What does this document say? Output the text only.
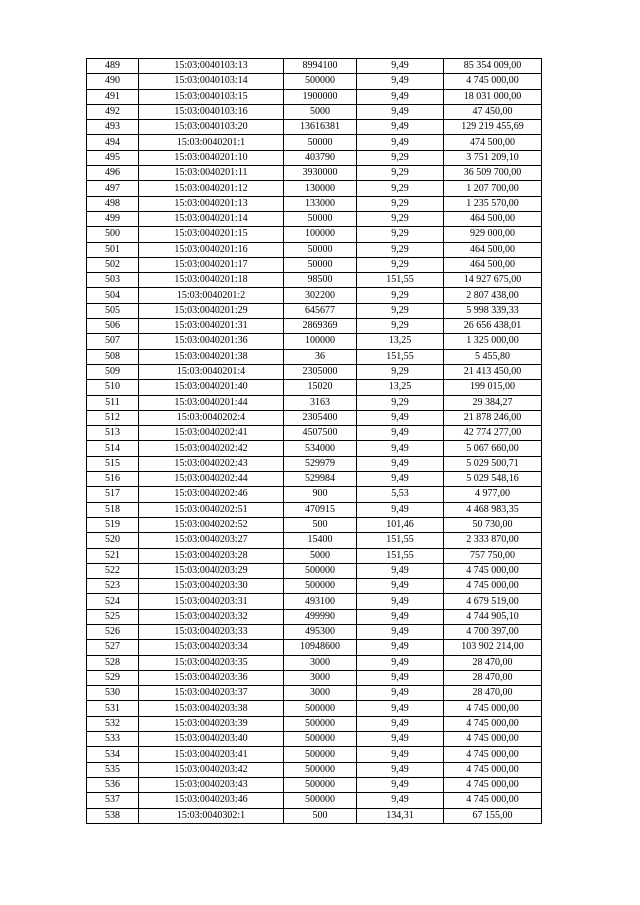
489	15:03:0040103:13	8994100	9,49	85 354 009,00
490	15:03:0040103:14	500000	9,49	4 745 000,00
491	15:03:0040103:15	1900000	9,49	18 031 000,00
492	15:03:0040103:16	5000	9,49	47 450,00
493	15:03:0040103:20	13616381	9,49	129 219 455,69
494	15:03:0040201:1	50000	9,49	474 500,00
495	15:03:0040201:10	403790	9,29	3 751 209,10
496	15:03:0040201:11	3930000	9,29	36 509 700,00
497	15:03:0040201:12	130000	9,29	1 207 700,00
498	15:03:0040201:13	133000	9,29	1 235 570,00
499	15:03:0040201:14	50000	9,29	464 500,00
500	15:03:0040201:15	100000	9,29	929 000,00
501	15:03:0040201:16	50000	9,29	464 500,00
502	15:03:0040201:17	50000	9,29	464 500,00
503	15:03:0040201:18	98500	151,55	14 927 675,00
504	15:03:0040201:2	302200	9,29	2 807 438,00
505	15:03:0040201:29	645677	9,29	5 998 339,33
506	15:03:0040201:31	2869369	9,29	26 656 438,01
507	15:03:0040201:36	100000	13,25	1 325 000,00
508	15:03:0040201:38	36	151,55	5 455,80
509	15:03:0040201:4	2305000	9,29	21 413 450,00
510	15:03:0040201:40	15020	13,25	199 015,00
511	15:03:0040201:44	3163	9,29	29 384,27
512	15:03:0040202:4	2305400	9,49	21 878 246,00
513	15:03:0040202:41	4507500	9,49	42 774 277,00
514	15:03:0040202:42	534000	9,49	5 067 660,00
515	15:03:0040202:43	529979	9,49	5 029 500,71
516	15:03:0040202:44	529984	9,49	5 029 548,16
517	15:03:0040202:46	900	5,53	4 977,00
518	15:03:0040202:51	470915	9,49	4 468 983,35
519	15:03:0040202:52	500	101,46	50 730,00
520	15:03:0040203:27	15400	151,55	2 333 870,00
521	15:03:0040203:28	5000	151,55	757 750,00
522	15:03:0040203:29	500000	9,49	4 745 000,00
523	15:03:0040203:30	500000	9,49	4 745 000,00
524	15:03:0040203:31	493100	9,49	4 679 519,00
525	15:03:0040203:32	499990	9,49	4 744 905,10
526	15:03:0040203:33	495300	9,49	4 700 397,00
527	15:03:0040203:34	10948600	9,49	103 902 214,00
528	15:03:0040203:35	3000	9,49	28 470,00
529	15:03:0040203:36	3000	9,49	28 470,00
530	15:03:0040203:37	3000	9,49	28 470,00
531	15:03:0040203:38	500000	9,49	4 745 000,00
532	15:03:0040203:39	500000	9,49	4 745 000,00
533	15:03:0040203:40	500000	9,49	4 745 000,00
534	15:03:0040203:41	500000	9,49	4 745 000,00
535	15:03:0040203:42	500000	9,49	4 745 000,00
536	15:03:0040203:43	500000	9,49	4 745 000,00
537	15:03:0040203:46	500000	9,49	4 745 000,00
538	15:03:0040302:1	500	134,31	67 155,00
